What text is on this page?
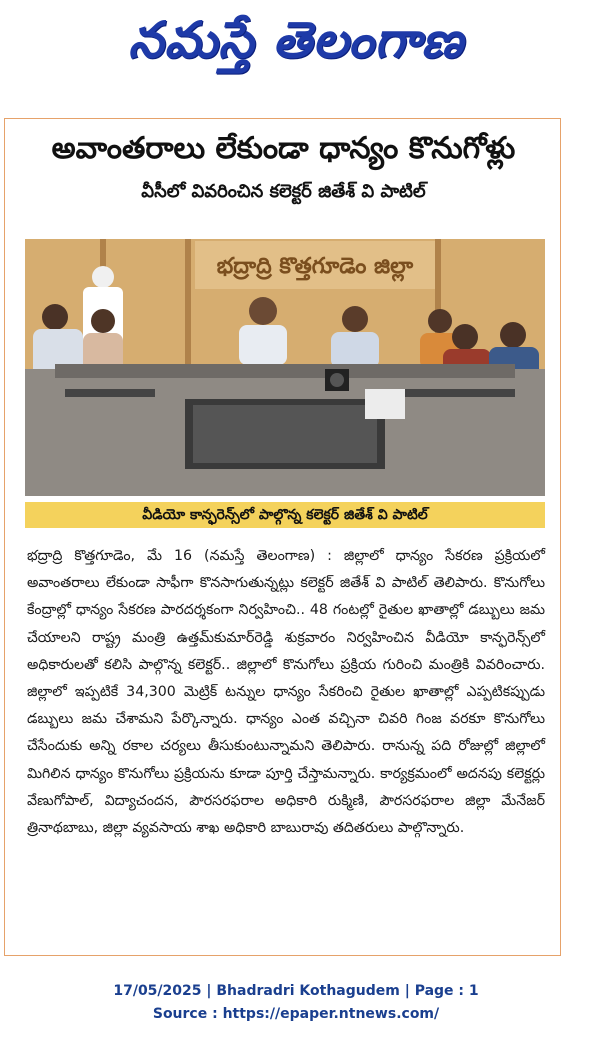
నమస్తే తెలంగాణ
అవాంతరాలు లేకుండా ధాన్యం కొనుగోళ్లు
వీసీలో వివరించిన కలెక్టర్ జితేశ్ వి పాటిల్
భద్రాద్రి కొత్తగూడెం జిల్లా
వీడియో కాన్ఫరెన్స్‌లో పాల్గొన్న కలెక్టర్ జితేశ్ వి పాటిల్
భద్రాద్రి కొత్తగూడెం, మే 16 (నమస్తే తెలంగాణ) : జిల్లాలో ధాన్యం సేకరణ ప్రక్రియలో అవాంతరాలు లేకుండా సాఫీగా కొనసాగుతున్నట్లు కలెక్టర్ జితేశ్ వి పాటిల్ తెలిపారు. కొనుగోలు కేంద్రాల్లో ధాన్యం సేకరణ పారదర్శకంగా నిర్వహించి.. 48 గంటల్లో రైతుల ఖాతాల్లో డబ్బులు జమ చేయాలని రాష్ట్ర మంత్రి ఉత్తమ్‌కుమార్‌రెడ్డి శుక్రవారం నిర్వహించిన వీడియో కాన్ఫరెన్స్‌లో అధికారులతో కలిసి పాల్గొన్న కలెక్టర్.. జిల్లాలో కొనుగోలు ప్రక్రియ గురించి మంత్రికి వివరించారు. జిల్లాలో ఇప్పటికే 34,300 మెట్రిక్ టన్నుల ధాన్యం సేకరించి రైతుల ఖాతాల్లో ఎప్పటికప్పుడు డబ్బులు జమ చేశామని పేర్కొన్నారు. ధాన్యం ఎంత వచ్చినా చివరి గింజ వరకూ కొనుగోలు చేసేందుకు అన్ని రకాల చర్యలు తీసుకుంటున్నామని తెలిపారు. రానున్న పది రోజుల్లో జిల్లాలో మిగిలిన ధాన్యం కొనుగోలు ప్రక్రియను కూడా పూర్తి చేస్తామన్నారు. కార్యక్రమంలో అదనపు కలెక్టర్లు వేణుగోపాల్, విద్యాచందన, పౌరసరఫరాల అధికారి రుక్మిణి, పౌరసరఫరాల జిల్లా మేనేజర్ త్రినాథబాబు, జిల్లా వ్యవసాయ శాఖ అధికారి బాబురావు తదితరులు పాల్గొన్నారు.
17/05/2025 | Bhadradri Kothagudem | Page : 1
Source : https://epaper.ntnews.com/
